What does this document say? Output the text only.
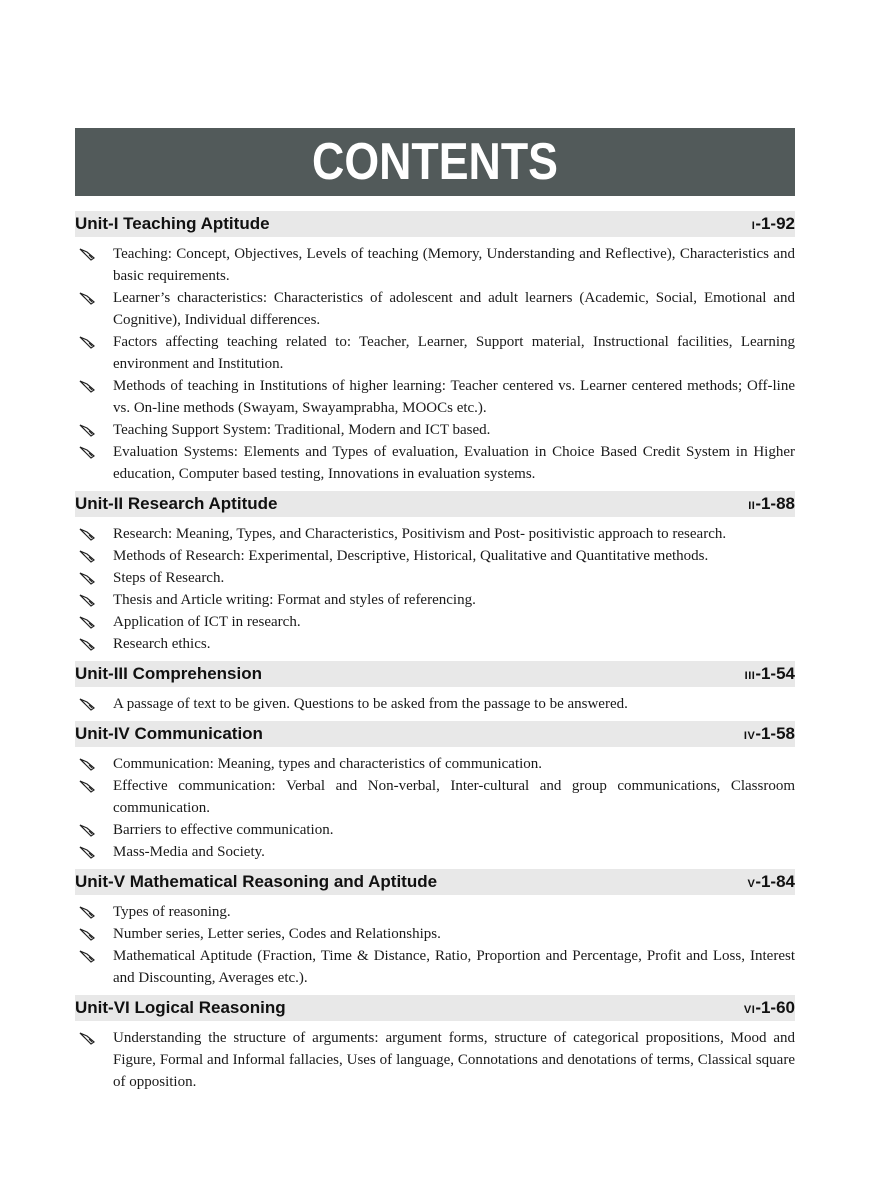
CONTENTS
Unit-I Teaching Aptitude	I-1-92
Teaching: Concept, Objectives, Levels of teaching (Memory, Understanding and Reflective), Characteristics and basic requirements.
Learner’s characteristics: Characteristics of adolescent and adult learners (Academic, Social, Emotional and Cognitive), Individual differences.
Factors affecting teaching related to: Teacher, Learner, Support material, Instructional facilities, Learning environment and Institution.
Methods of teaching in Institutions of higher learning: Teacher centered vs. Learner centered methods; Off-line vs. On-line methods (Swayam, Swayamprabha, MOOCs etc.).
Teaching Support System: Traditional, Modern and ICT based.
Evaluation Systems: Elements and Types of evaluation, Evaluation in Choice Based Credit System in Higher education, Computer based testing, Innovations in evaluation systems.
Unit-II Research Aptitude	II-1-88
Research: Meaning, Types, and Characteristics, Positivism and Post- positivistic approach to research.
Methods of Research: Experimental, Descriptive, Historical, Qualitative and Quantitative methods.
Steps of Research.
Thesis and Article writing: Format and styles of referencing.
Application of ICT in research.
Research ethics.
Unit-III Comprehension	III-1-54
A passage of text to be given. Questions to be asked from the passage to be answered.
Unit-IV Communication	IV-1-58
Communication: Meaning, types and characteristics of communication.
Effective communication: Verbal and Non-verbal, Inter-cultural and group communications, Classroom communication.
Barriers to effective communication.
Mass-Media and Society.
Unit-V Mathematical Reasoning and Aptitude	V-1-84
Types of reasoning.
Number series, Letter series, Codes and Relationships.
Mathematical Aptitude (Fraction, Time & Distance, Ratio, Proportion and Percentage, Profit and Loss, Interest and Discounting, Averages etc.).
Unit-VI Logical Reasoning	VI-1-60
Understanding the structure of arguments: argument forms, structure of categorical propositions, Mood and Figure, Formal and Informal fallacies, Uses of language, Connotations and denotations of terms, Classical square of opposition.
